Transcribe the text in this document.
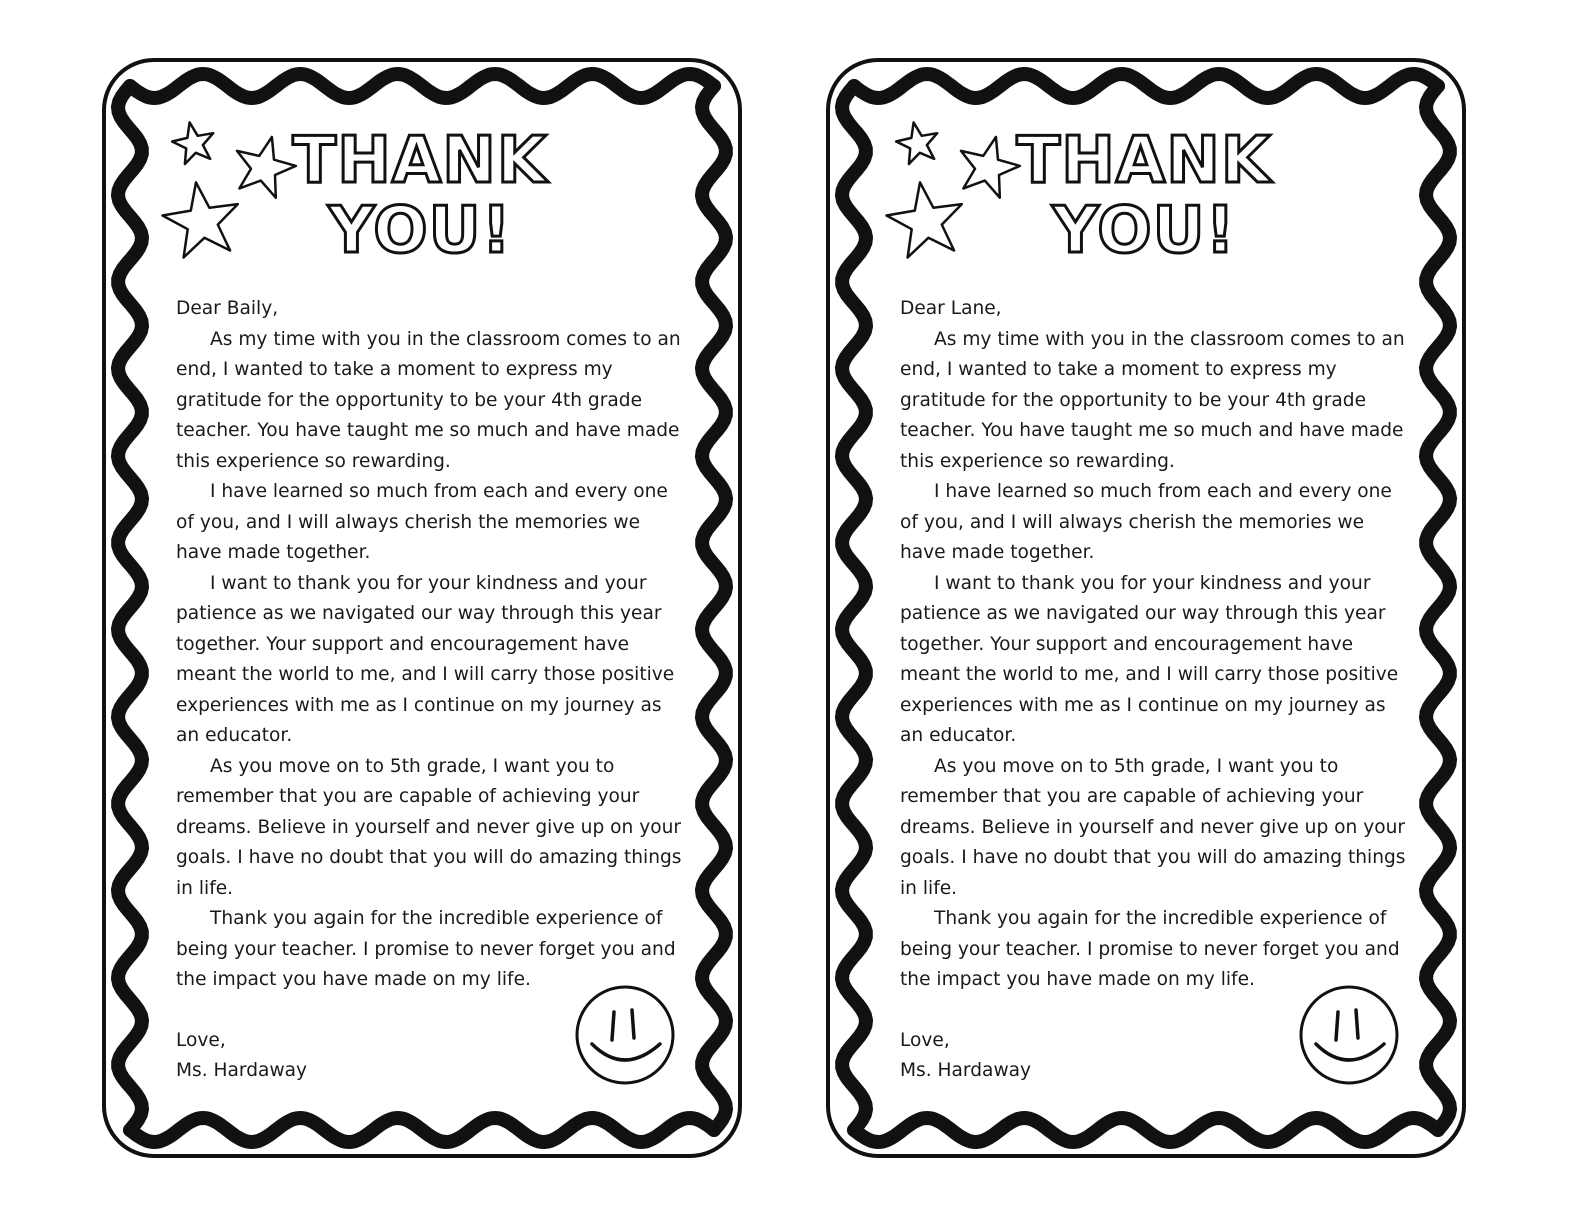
THANK
YOU!

Dear Baily,

As my time with you in the classroom comes to an end, I wanted to take a moment to express my gratitude for the opportunity to be your 4th grade teacher. You have taught me so much and have made this experience so rewarding.

I have learned so much from each and every one of you, and I will always cherish the memories we have made together.

I want to thank you for your kindness and your patience as we navigated our way through this year together. Your support and encouragement have meant the world to me, and I will carry those positive experiences with me as I continue on my journey as an educator.

As you move on to 5th grade, I want you to remember that you are capable of achieving your dreams. Believe in yourself and never give up on your goals. I have no doubt that you will do amazing things in life.

Thank you again for the incredible experience of being your teacher. I promise to never forget you and the impact you have made on my life.

Love,

Ms. Hardaway

THANK
YOU!

Dear Lane,

As my time with you in the classroom comes to an end, I wanted to take a moment to express my gratitude for the opportunity to be your 4th grade teacher. You have taught me so much and have made this experience so rewarding.

I have learned so much from each and every one of you, and I will always cherish the memories we have made together.

I want to thank you for your kindness and your patience as we navigated our way through this year together. Your support and encouragement have meant the world to me, and I will carry those positive experiences with me as I continue on my journey as an educator.

As you move on to 5th grade, I want you to remember that you are capable of achieving your dreams. Believe in yourself and never give up on your goals. I have no doubt that you will do amazing things in life.

Thank you again for the incredible experience of being your teacher. I promise to never forget you and the impact you have made on my life.

Love,

Ms. Hardaway
